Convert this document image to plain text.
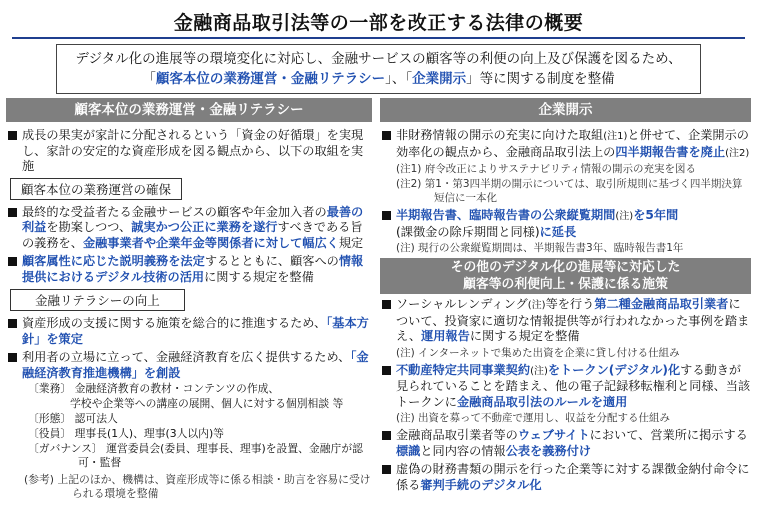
金融商品取引法等の一部を改正する法律の概要
デジタル化の進展等の環境変化に対応し、金融サービスの顧客等の利便の向上及び保護を図るため、
「顧客本位の業務運営・金融リテラシー」、「企業開示」等に関する制度を整備
顧客本位の業務運営・金融リテラシー
成長の果実が家計に分配されるという「資金の好循環」を実現し、家計の安定的な資産形成を図る観点から、以下の取組を実施
顧客本位の業務運営の確保
最終的な受益者たる金融サービスの顧客や年金加入者の最善の利益を勘案しつつ、誠実かつ公正に業務を遂行すべきである旨の義務を、金融事業者や企業年金等関係者に対して幅広く規定
顧客属性に応じた説明義務を法定するとともに、顧客への情報提供におけるデジタル技術の活用に関する規定を整備
金融リテラシーの向上
資産形成の支援に関する施策を総合的に推進するため、「基本方針」を策定
利用者の立場に立って、金融経済教育を広く提供するため、「金融経済教育推進機構」を創設
〔業務〕 金融経済教育の教材・コンテンツの作成、
学校や企業等への講座の展開、個人に対する個別相談 等
〔形態〕 認可法人
〔役員〕 理事長(1人)、理事(3人以内)等
〔ガバナンス〕 運営委員会(委員、理事長、理事)を設置、金融庁が認可・監督
(参考) 上記のほか、機構は、資産形成等に係る相談・助言を容易に受けられる環境を整備
企業開示
非財務情報の開示の充実に向けた取組(注1)と併せて、企業開示の効率化の観点から、金融商品取引法上の四半期報告書を廃止(注2)
(注1) 府令改正によりサステナビリティ情報の開示の充実を図る
(注2) 第1・第3四半期の開示については、取引所規則に基づく四半期決算短信に一本化
半期報告書、臨時報告書の公衆縦覧期間(注)を5年間
(課徴金の除斥期間と同様)に延長
(注) 現行の公衆縦覧期間は、半期報告書3年、臨時報告書1年
その他のデジタル化の進展等に対応した
顧客等の利便向上・保護に係る施策
ソーシャルレンディング(注)等を行う第二種金融商品取引業者について、投資家に適切な情報提供等が行われなかった事例を踏まえ、運用報告に関する規定を整備
(注) インターネットで集めた出資を企業に貸し付ける仕組み
不動産特定共同事業契約(注)をトークン(デジタル)化する動きが見られていることを踏まえ、他の電子記録移転権利と同様、当該トークンに金融商品取引法のルールを適用
(注) 出資を募って不動産で運用し、収益を分配する仕組み
金融商品取引業者等のウェブサイトにおいて、営業所に掲示する標識と同内容の情報公表を義務付け
虚偽の財務書類の開示を行った企業等に対する課徴金納付命令に係る審判手続のデジタル化
